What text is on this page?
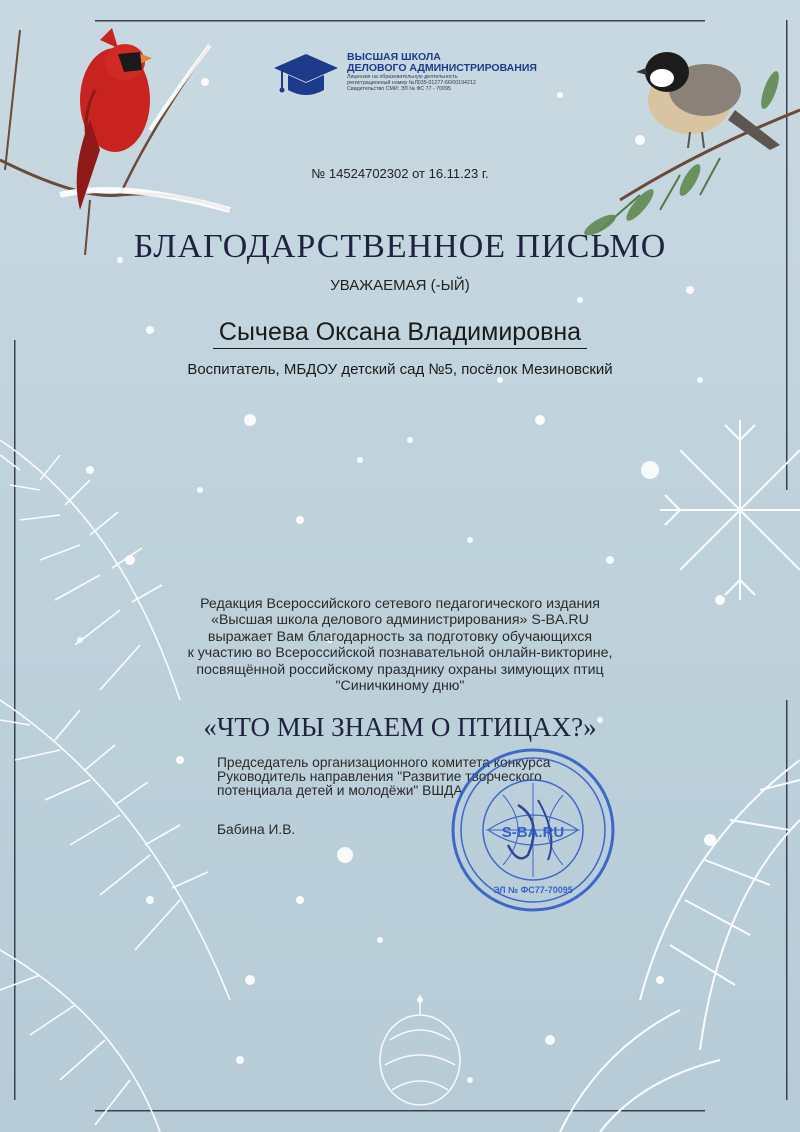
ВЫСШАЯ ШКОЛА
ДЕЛОВОГО АДМИНИСТРИРОВАНИЯ
Лицензия на образовательную деятельность
регистрационный номер №Л035-01277-66/00194212
Свидетельство СМИ: ЭЛ № ФС 77 - 70095
№ 14524702302 от 16.11.23 г.
БЛАГОДАРСТВЕННОЕ ПИСЬМО
УВАЖАЕМАЯ (-ЫЙ)
Сычева Оксана Владимировна
Воспитатель, МБДОУ детский сад №5, посёлок Мезиновский
Редакция Всероссийского сетевого педагогического издания
«Высшая школа делового администрирования» S-BA.RU
выражает Вам благодарность за подготовку обучающихся
к участию во Всероссийской познавательной онлайн-викторине,
посвящённой российскому празднику охраны зимующих птиц
"Синичкиному дню"
«ЧТО МЫ ЗНАЕМ О ПТИЦАХ?»
Председатель организационного комитета конкурса
Руководитель направления "Развитие творческого
потенциала детей и молодёжи" ВШДА
Бабина И.В.	S-BA.RU
ЭЛ № ФС77-70095
